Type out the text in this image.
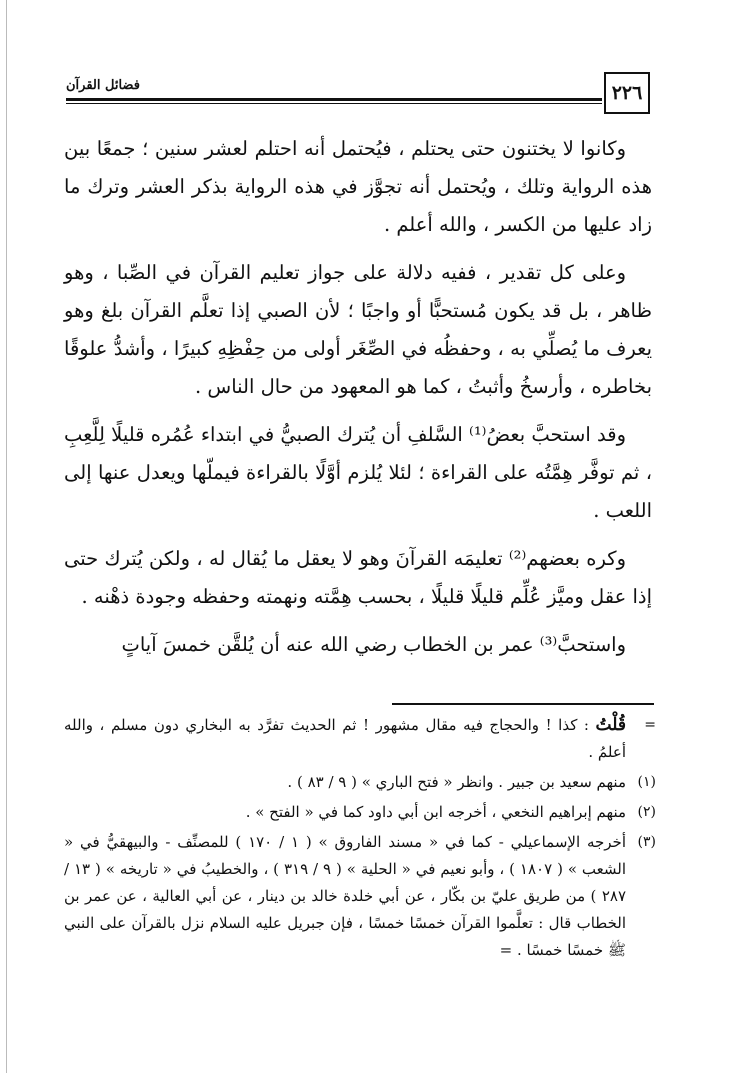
٢٢٦
فضائل القرآن

وكانوا لا يختنون حتى يحتلم ، فيُحتمل أنه احتلم لعشر سنين ؛ جمعًا بين هذه الرواية وتلك ، ويُحتمل أنه تجوَّز في هذه الرواية بذكر العشر وترك ما زاد عليها من الكسر ، والله أعلم .

وعلى كل تقدير ، ففيه دلالة على جواز تعليم القرآن في الصِّبا ، وهو ظاهر ، بل قد يكون مُستحبًّا أو واجبًا ؛ لأن الصبي إذا تعلَّم القرآن بلغ وهو يعرف ما يُصلِّي به ، وحفظُه في الصِّغَر أولى من حِفْظِهِ كبيرًا ، وأشدُّ علوقًا بخاطره ، وأرسخُ وأثبتُ ، كما هو المعهود من حال الناس .

وقد استحبَّ بعضُ⁽¹⁾ السَّلفِ أن يُترك الصبيُّ في ابتداء عُمُره قليلًا لِلَّعِبِ ، ثم توفَّر هِمَّتُه على القراءة ؛ لئلا يُلزم أوَّلًا بالقراءة فيملّها ويعدل عنها إلى اللعب .

وكره بعضهم⁽²⁾ تعليمَه القرآنَ وهو لا يعقل ما يُقال له ، ولكن يُترك حتى إذا عقل وميَّز عُلِّم قليلًا قليلًا ، بحسب هِمَّته ونهمته وحفظه وجودة ذهْنه .

واستحبَّ⁽³⁾ عمر بن الخطاب رضي الله عنه أن يُلقَّن خمسَ آياتٍ

=
قُلْتُ : كذا ! والحجاج فيه مقال مشهور ! ثم الحديث تفرَّد به البخاري دون مسلم ، والله أعلمُ .
(١)
منهم سعيد بن جبير . وانظر « فتح الباري » ( ٩ / ٨٣ ) .
(٢)
منهم إبراهيم النخعي ، أخرجه ابن أبي داود كما في « الفتح » .
(٣)
أخرجه الإسماعيلي - كما في « مسند الفاروق » ( ١ / ١٧٠ ) للمصنِّف - والبيهقيُّ في « الشعب » ( ١٨٠٧ ) ، وأبو نعيم في « الحلية » ( ٩ / ٣١٩ ) ، والخطيبُ في « تاريخه » ( ١٣ / ٢٨٧ ) من طريق عليّ بن بكّار ، عن أبي خلدة خالد بن دينار ، عن أبي العالية ، عن عمر بن الخطاب قال : تعلَّموا القرآن خمسًا خمسًا ، فإن جبريل عليه السلام نزل بالقرآن على النبي ﷺ خمسًا خمسًا . =
